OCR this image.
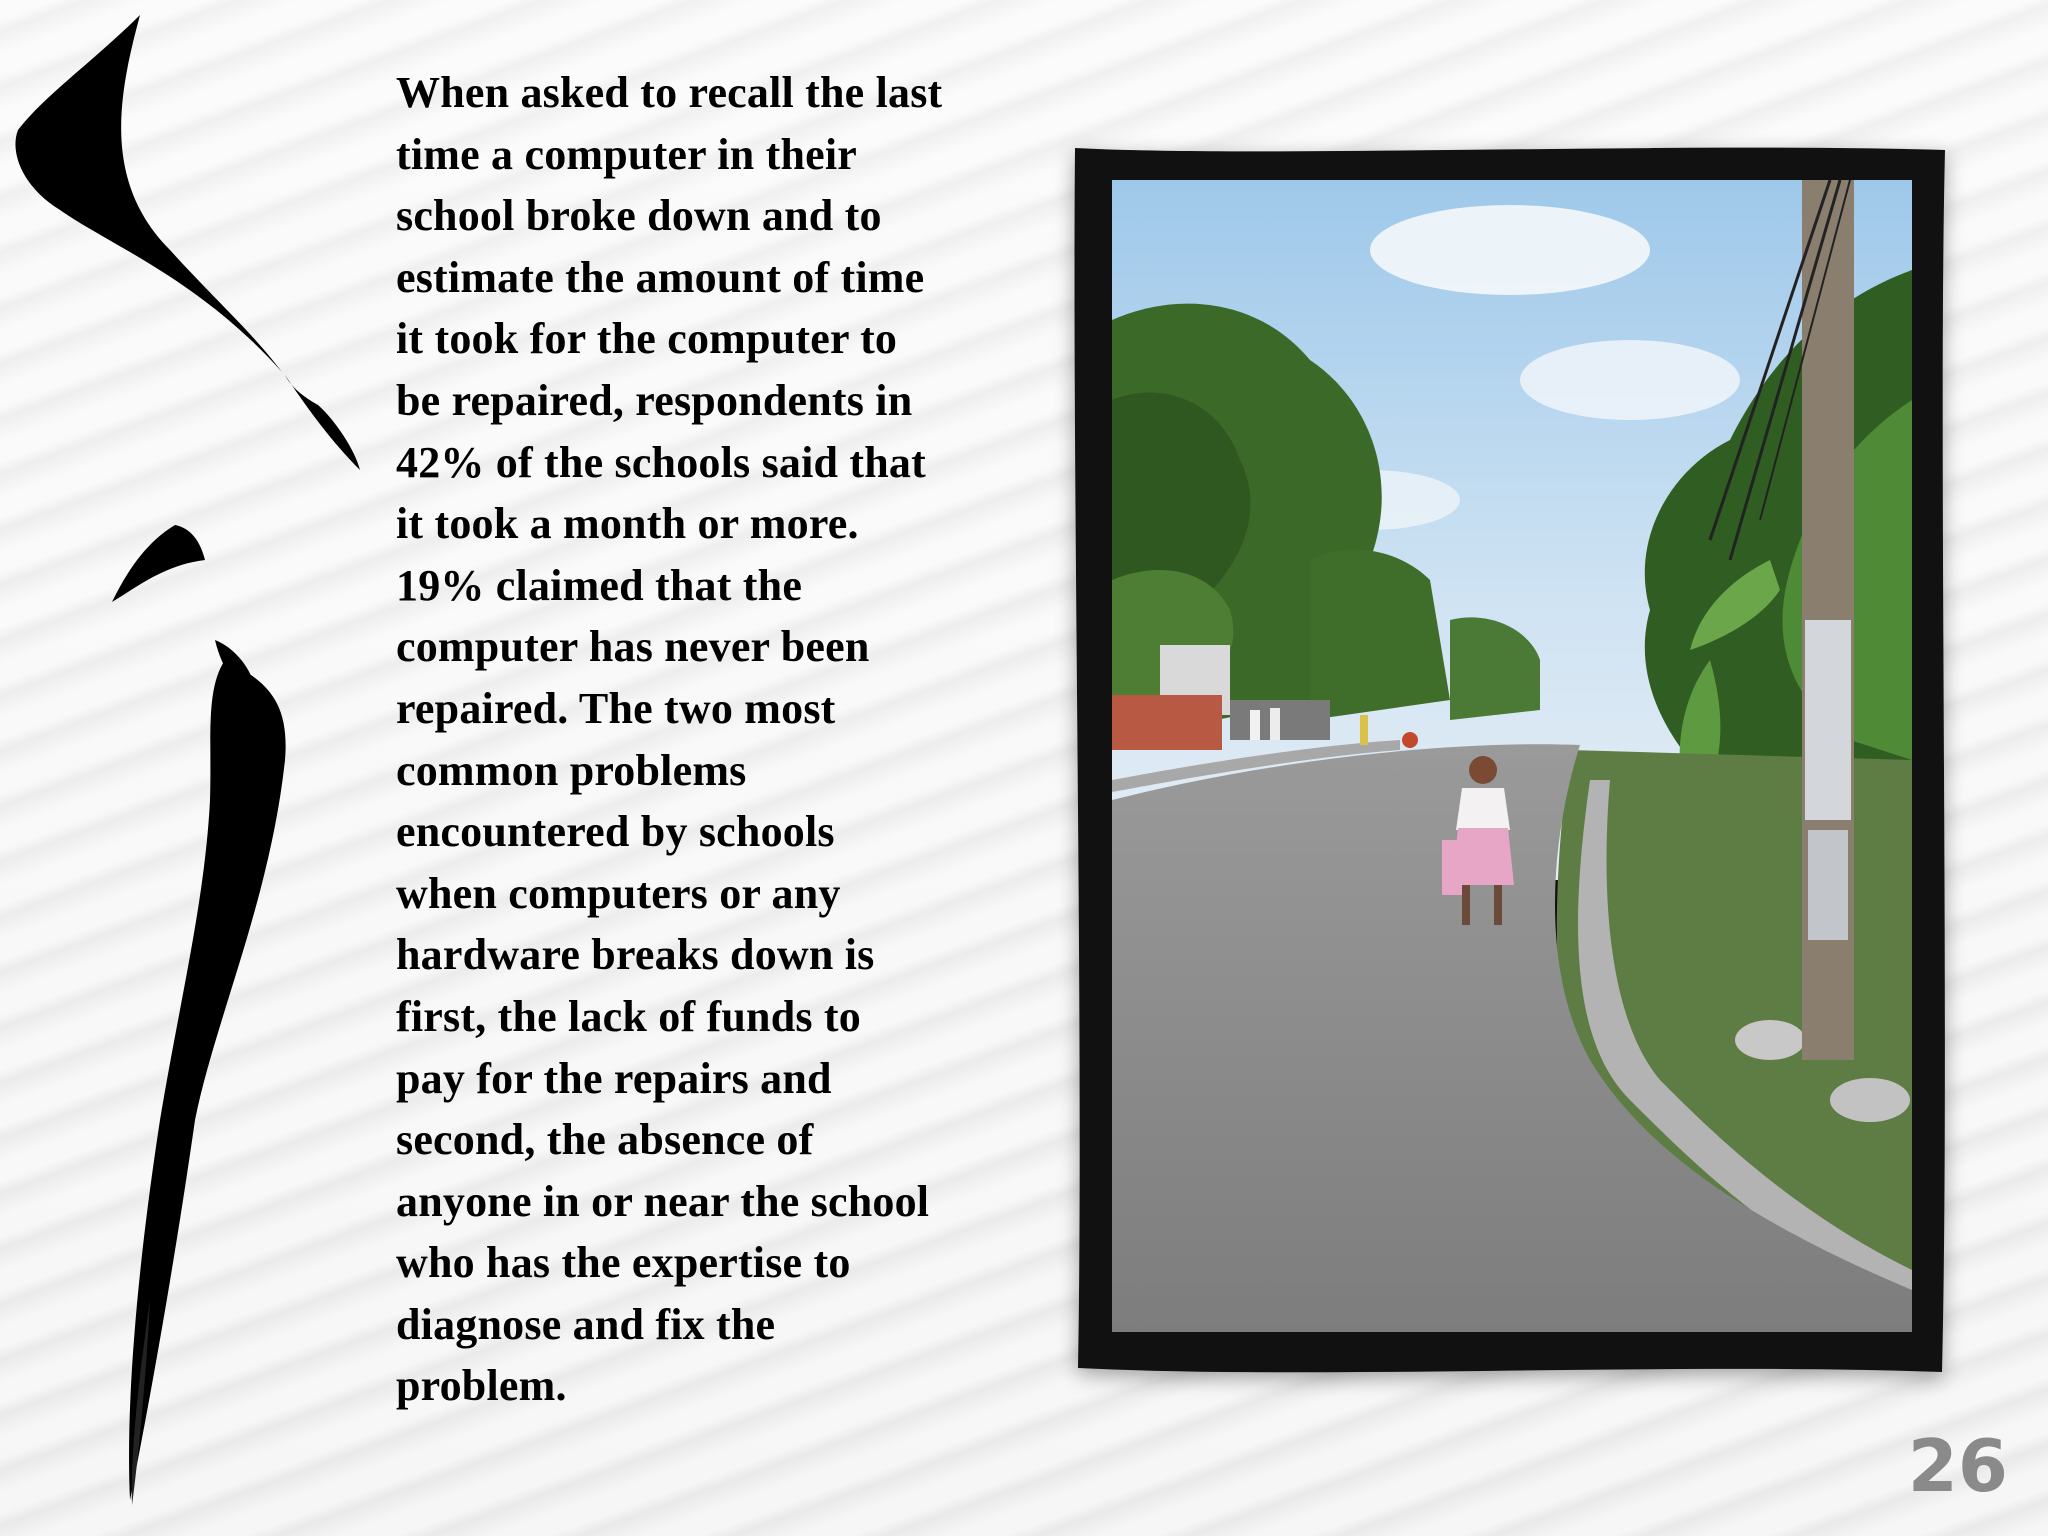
When asked to recall the last
time a computer in their
school broke down and to
estimate the amount of time
it took for the computer to
be repaired, respondents in
42% of the schools said that
it took a month or more.
19% claimed that the
computer has never been
repaired. The two most
common problems
encountered by schools
when computers or any
hardware breaks down is
first, the lack of funds to
pay for the repairs and
second, the absence of
anyone in or near the school
who has the expertise to
diagnose and fix the
problem.

26
